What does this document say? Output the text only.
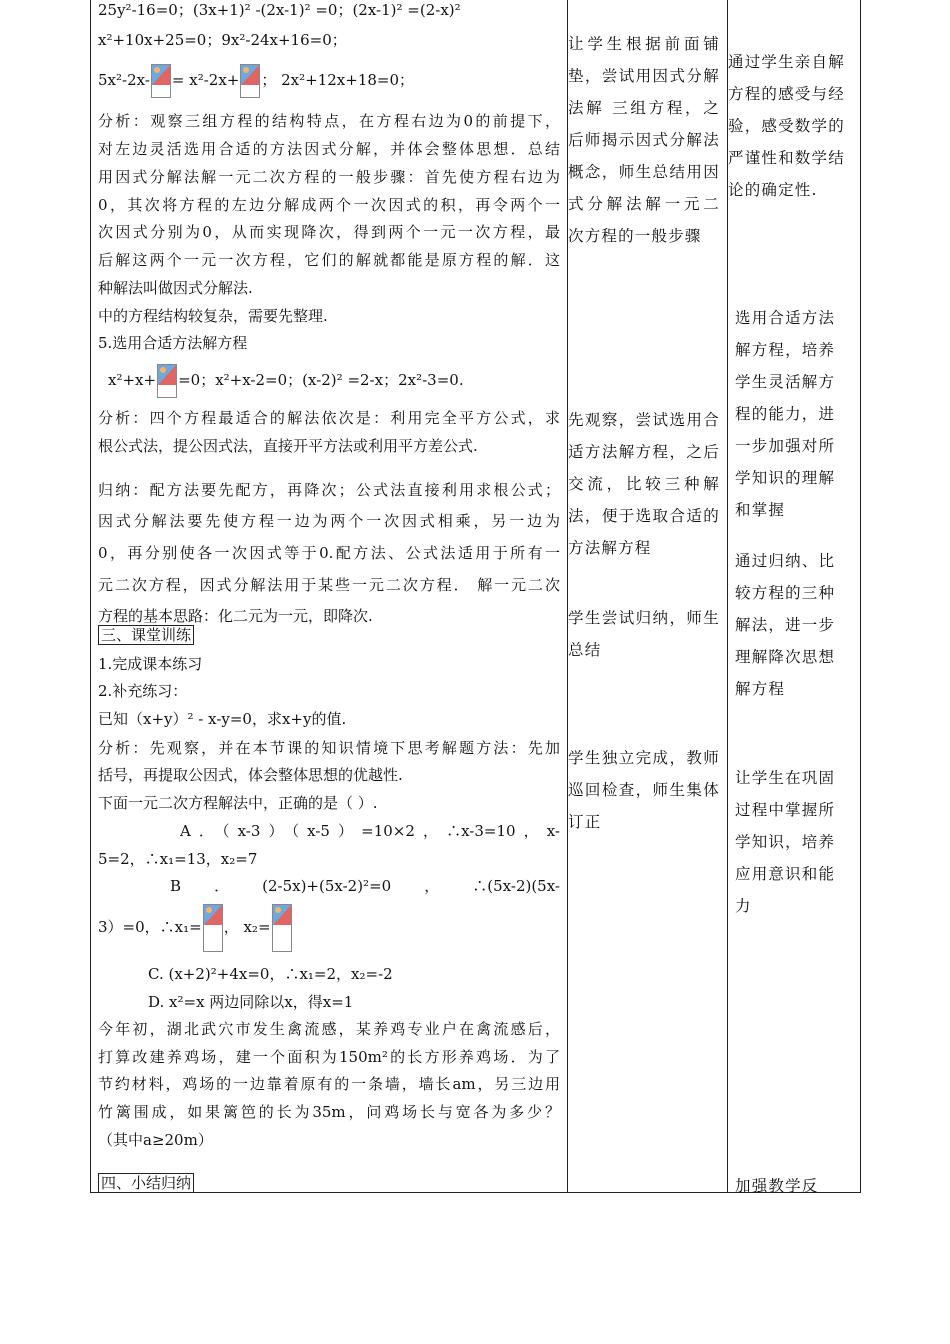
25y²-16=0；(3x+1)² -(2x-1)² =0；(2x-1)² =(2-x)²
x²+10x+25=0；9x²-24x+16=0；
5x²-2x- = x²-2x+ ； 2x²+12x+18=0；
分析：观察三组方程的结构特点，在方程右边为0的前提下，
对左边灵活选用合适的方法因式分解，并体会整体思想．总结
用因式分解法解一元二次方程的一般步骤：首先使方程右边为
0，其次将方程的左边分解成两个一次因式的积，再令两个一
次因式分别为0，从而实现降次，得到两个一元一次方程，最
后解这两个一元一次方程，它们的解就都能是原方程的解．这
种解法叫做因式分解法.
中的方程结构较复杂，需要先整理.
5.选用合适方法解方程
x²+x+ =0；x²+x-2=0；(x-2)² =2-x；2x²-3=0.
分析：四个方程最适合的解法依次是：利用完全平方公式，求
根公式法，提公因式法，直接开平方法或利用平方差公式.
归纳：配方法要先配方，再降次；公式法直接利用求根公式；
因式分解法要先使方程一边为两个一次因式相乘，另一边为
0，再分别使各一次因式等于0.配方法、公式法适用于所有一
元二次方程，因式分解法用于某些一元二次方程． 解一元二次
方程的基本思路：化二元为一元，即降次.
三、课堂训练
1.完成课本练习
2.补充练习：
已知（x+y）² - x-y=0，求x+y的值.
分析：先观察，并在本节课的知识情境下思考解题方法：先加
括号，再提取公因式，体会整体思想的优越性.
下面一元二次方程解法中，正确的是（ ）.
A．（x-3）（x-5）=10×2，∴x-3=10，x-
5=2，∴x₁=13，x₂=7
B．(2-5x)+(5x-2)²=0，∴(5x-2)(5x-
3）=0，∴x₁= ， x₂=
C. (x+2)²+4x=0，∴x₁=2，x₂=-2
D. x²=x 两边同除以x，得x=1
今年初，湖北武穴市发生禽流感，某养鸡专业户在禽流感后，
打算改建养鸡场，建一个面积为150m²的长方形养鸡场．为了
节约材料，鸡场的一边靠着原有的一条墙，墙长am，另三边用
竹篱围成，如果篱笆的长为35m，问鸡场长与宽各为多少？
（其中a≥20m）
四、小结归纳
让学生根据前面铺
垫，尝试用因式分解
法解 三组方程，之
后师揭示因式分解法
概念，师生总结用因
式分解法解一元二
次方程的一般步骤
先观察，尝试选用合
适方法解方程，之后
交流，比较三种解
法，便于选取合适的
方法解方程
学生尝试归纳，师生
总结
学生独立完成，教师
巡回检查，师生集体
订正
通过学生亲自解
方程的感受与经
验，感受数学的
严谨性和数学结
论的确定性.
选用合适方法
解方程，培养
学生灵活解方
程的能力，进
一步加强对所
学知识的理解
和掌握
通过归纳、比
较方程的三种
解法，进一步
理解降次思想
解方程
让学生在巩固
过程中掌握所
学知识，培养
应用意识和能
力
加强教学反
